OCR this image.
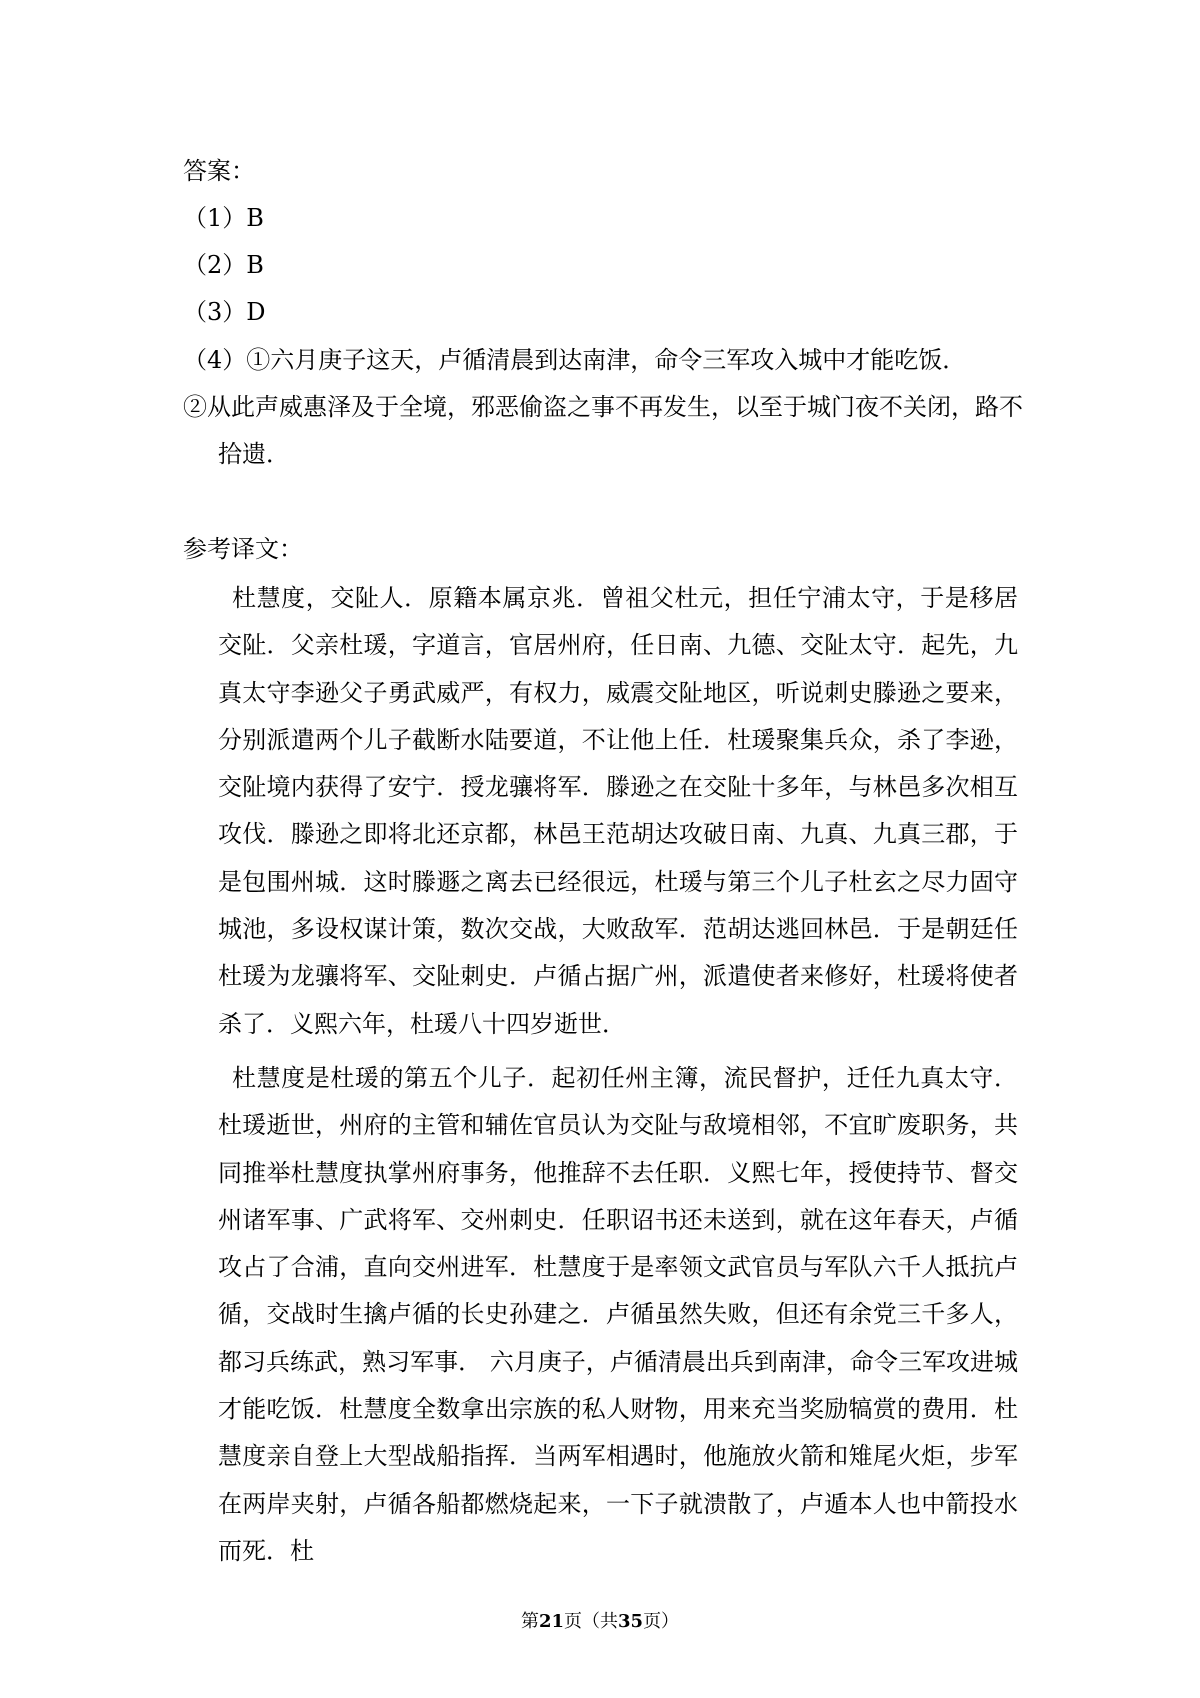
答案：
（1）B
（2）B
（3）D
（4）①六月庚子这天，卢循清晨到达南津，命令三军攻入城中才能吃饭．
②从此声威惠泽及于全境，邪恶偷盗之事不再发生，以至于城门夜不关闭，路不
拾遗．
参考译文：
杜慧度，交阯人．原籍本属京兆．曾祖父杜元，担任宁浦太守，于是移居交阯．父亲杜瑗，字道言，官居州府，任日南、九德、交阯太守．起先，九真太守李逊父子勇武威严，有权力，威震交阯地区，听说刺史滕逊之要来，分别派遣两个儿子截断水陆要道，不让他上任．杜瑗聚集兵众，杀了李逊，交阯境内获得了安宁．授龙骧将军．滕逊之在交阯十多年，与林邑多次相互攻伐．滕逊之即将北还京都，林邑王范胡达攻破日南、九真、九真三郡，于是包围州城．这时滕遯之离去已经很远，杜瑗与第三个儿子杜玄之尽力固守城池，多设权谋计策，数次交战，大败敌军．范胡达逃回林邑．于是朝廷任杜瑗为龙骧将军、交阯刺史．卢循占据广州，派遣使者来修好，杜瑗将使者杀了．义熙六年，杜瑗八十四岁逝世．
杜慧度是杜瑗的第五个儿子．起初任州主簿，流民督护，迁任九真太守．杜瑗逝世，州府的主管和辅佐官员认为交阯与敌境相邻，不宜旷废职务，共同推举杜慧度执掌州府事务，他推辞不去任职．义熙七年，授使持节、督交州诸军事、广武将军、交州刺史．任职诏书还未送到，就在这年春天，卢循攻占了合浦，直向交州进军．杜慧度于是率领文武官员与军队六千人抵抗卢循，交战时生擒卢循的长史孙建之．卢循虽然失败，但还有余党三千多人，都习兵练武，熟习军事． 六月庚子，卢循清晨出兵到南津，命令三军攻进城才能吃饭．杜慧度全数拿出宗族的私人财物，用来充当奖励犒赏的费用．杜慧度亲自登上大型战船指挥．当两军相遇时，他施放火箭和雉尾火炬，步军在两岸夹射，卢循各船都燃烧起来，一下子就溃散了，卢遁本人也中箭投水而死．杜
第21页（共35页）
